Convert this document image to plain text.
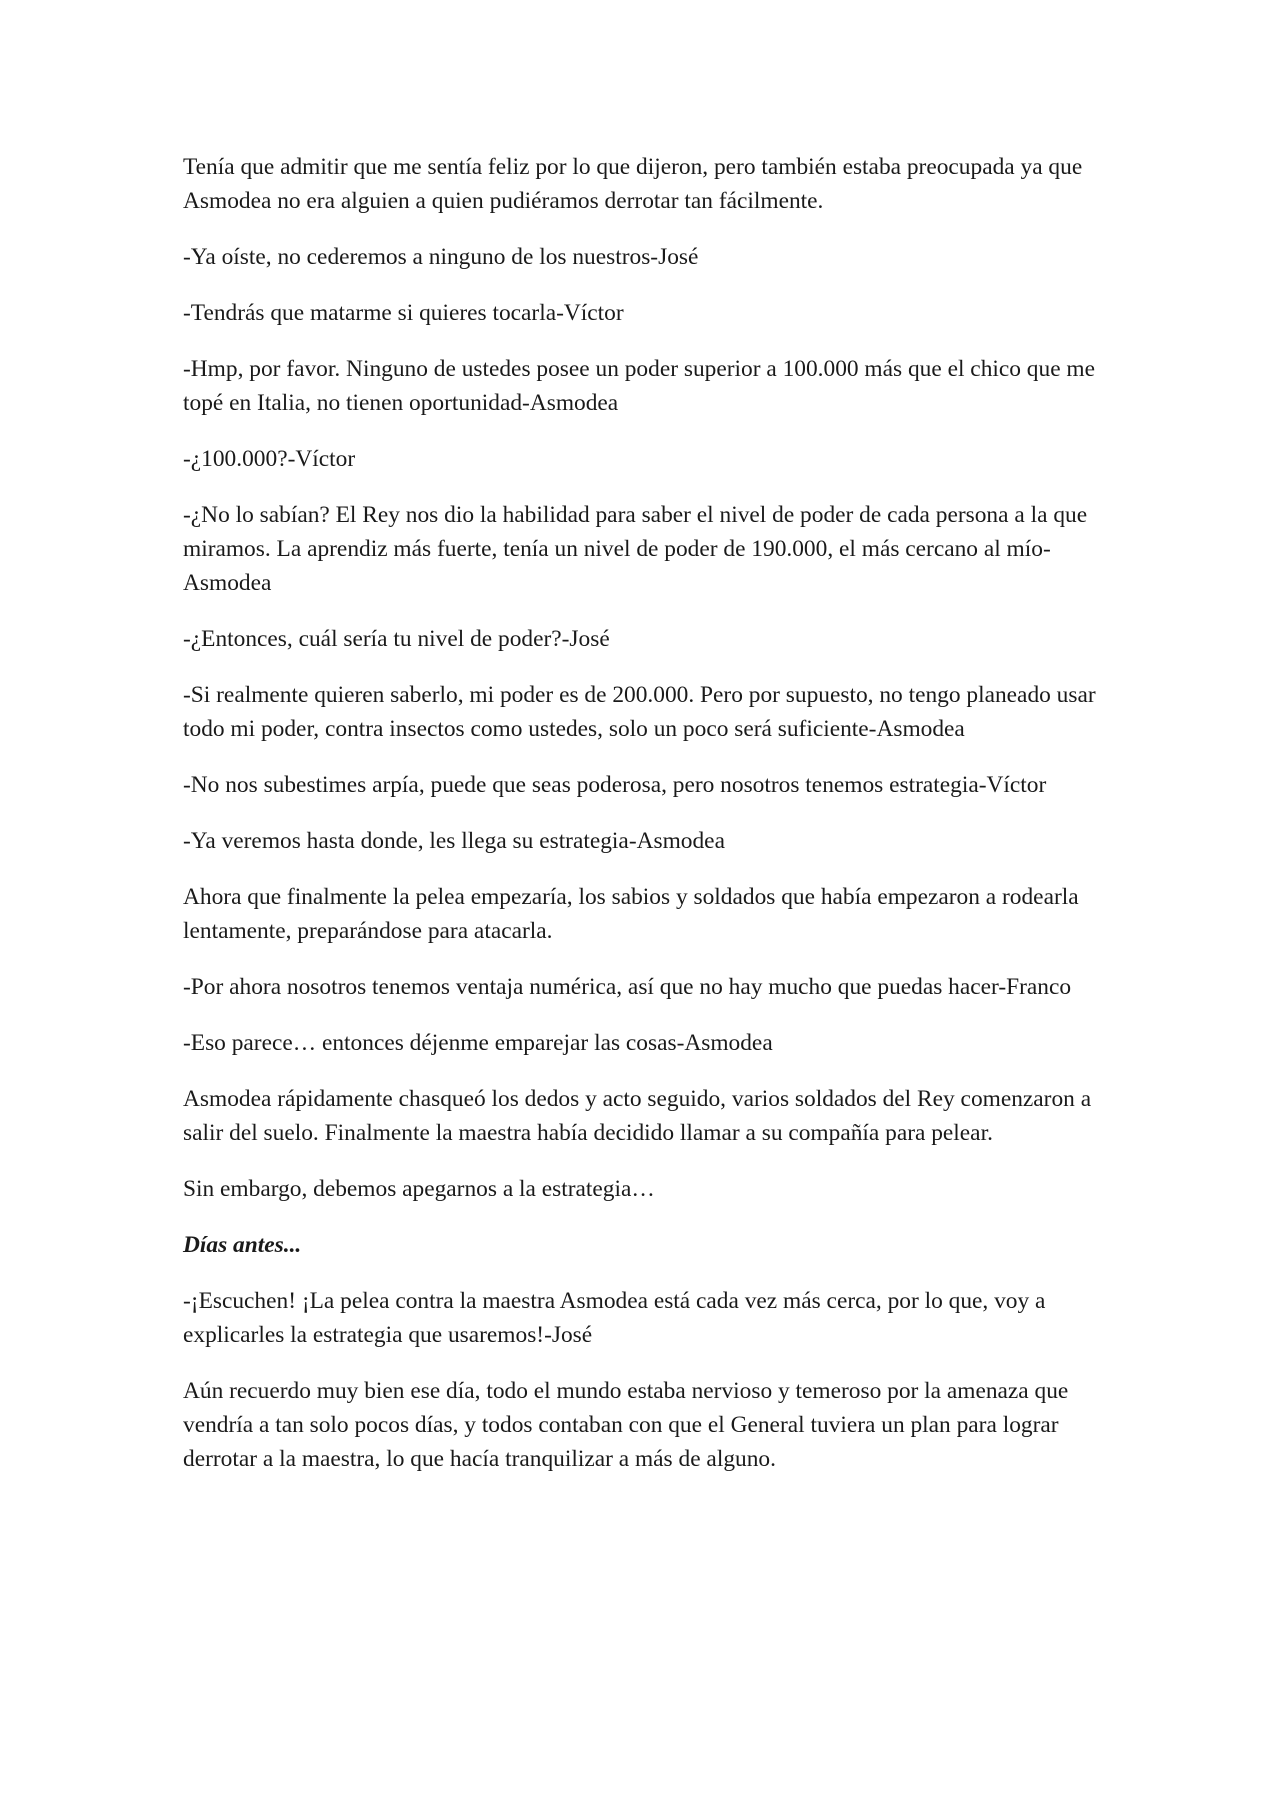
Tenía que admitir que me sentía feliz por lo que dijeron, pero también estaba preocupada ya que Asmodea no era alguien a quien pudiéramos derrotar tan fácilmente.

-Ya oíste, no cederemos a ninguno de los nuestros-José

-Tendrás que matarme si quieres tocarla-Víctor

-Hmp, por favor. Ninguno de ustedes posee un poder superior a 100.000 más que el chico que me topé en Italia, no tienen oportunidad-Asmodea

-¿100.000?-Víctor

-¿No lo sabían? El Rey nos dio la habilidad para saber el nivel de poder de cada persona a la que miramos. La aprendiz más fuerte, tenía un nivel de poder de 190.000, el más cercano al mío-Asmodea

-¿Entonces, cuál sería tu nivel de poder?-José

-Si realmente quieren saberlo, mi poder es de 200.000. Pero por supuesto, no tengo planeado usar todo mi poder, contra insectos como ustedes, solo un poco será suficiente-Asmodea

-No nos subestimes arpía, puede que seas poderosa, pero nosotros tenemos estrategia-Víctor

-Ya veremos hasta donde, les llega su estrategia-Asmodea

Ahora que finalmente la pelea empezaría, los sabios y soldados que había empezaron a rodearla lentamente, preparándose para atacarla.

-Por ahora nosotros tenemos ventaja numérica, así que no hay mucho que puedas hacer-Franco

-Eso parece… entonces déjenme emparejar las cosas-Asmodea

Asmodea rápidamente chasqueó los dedos y acto seguido, varios soldados del Rey comenzaron a salir del suelo. Finalmente la maestra había decidido llamar a su compañía para pelear.

Sin embargo, debemos apegarnos a la estrategia…

Días antes...

-¡Escuchen! ¡La pelea contra la maestra Asmodea está cada vez más cerca, por lo que, voy a explicarles la estrategia que usaremos!-José

Aún recuerdo muy bien ese día, todo el mundo estaba nervioso y temeroso por la amenaza que vendría a tan solo pocos días, y todos contaban con que el General tuviera un plan para lograr derrotar a la maestra, lo que hacía tranquilizar a más de alguno.
